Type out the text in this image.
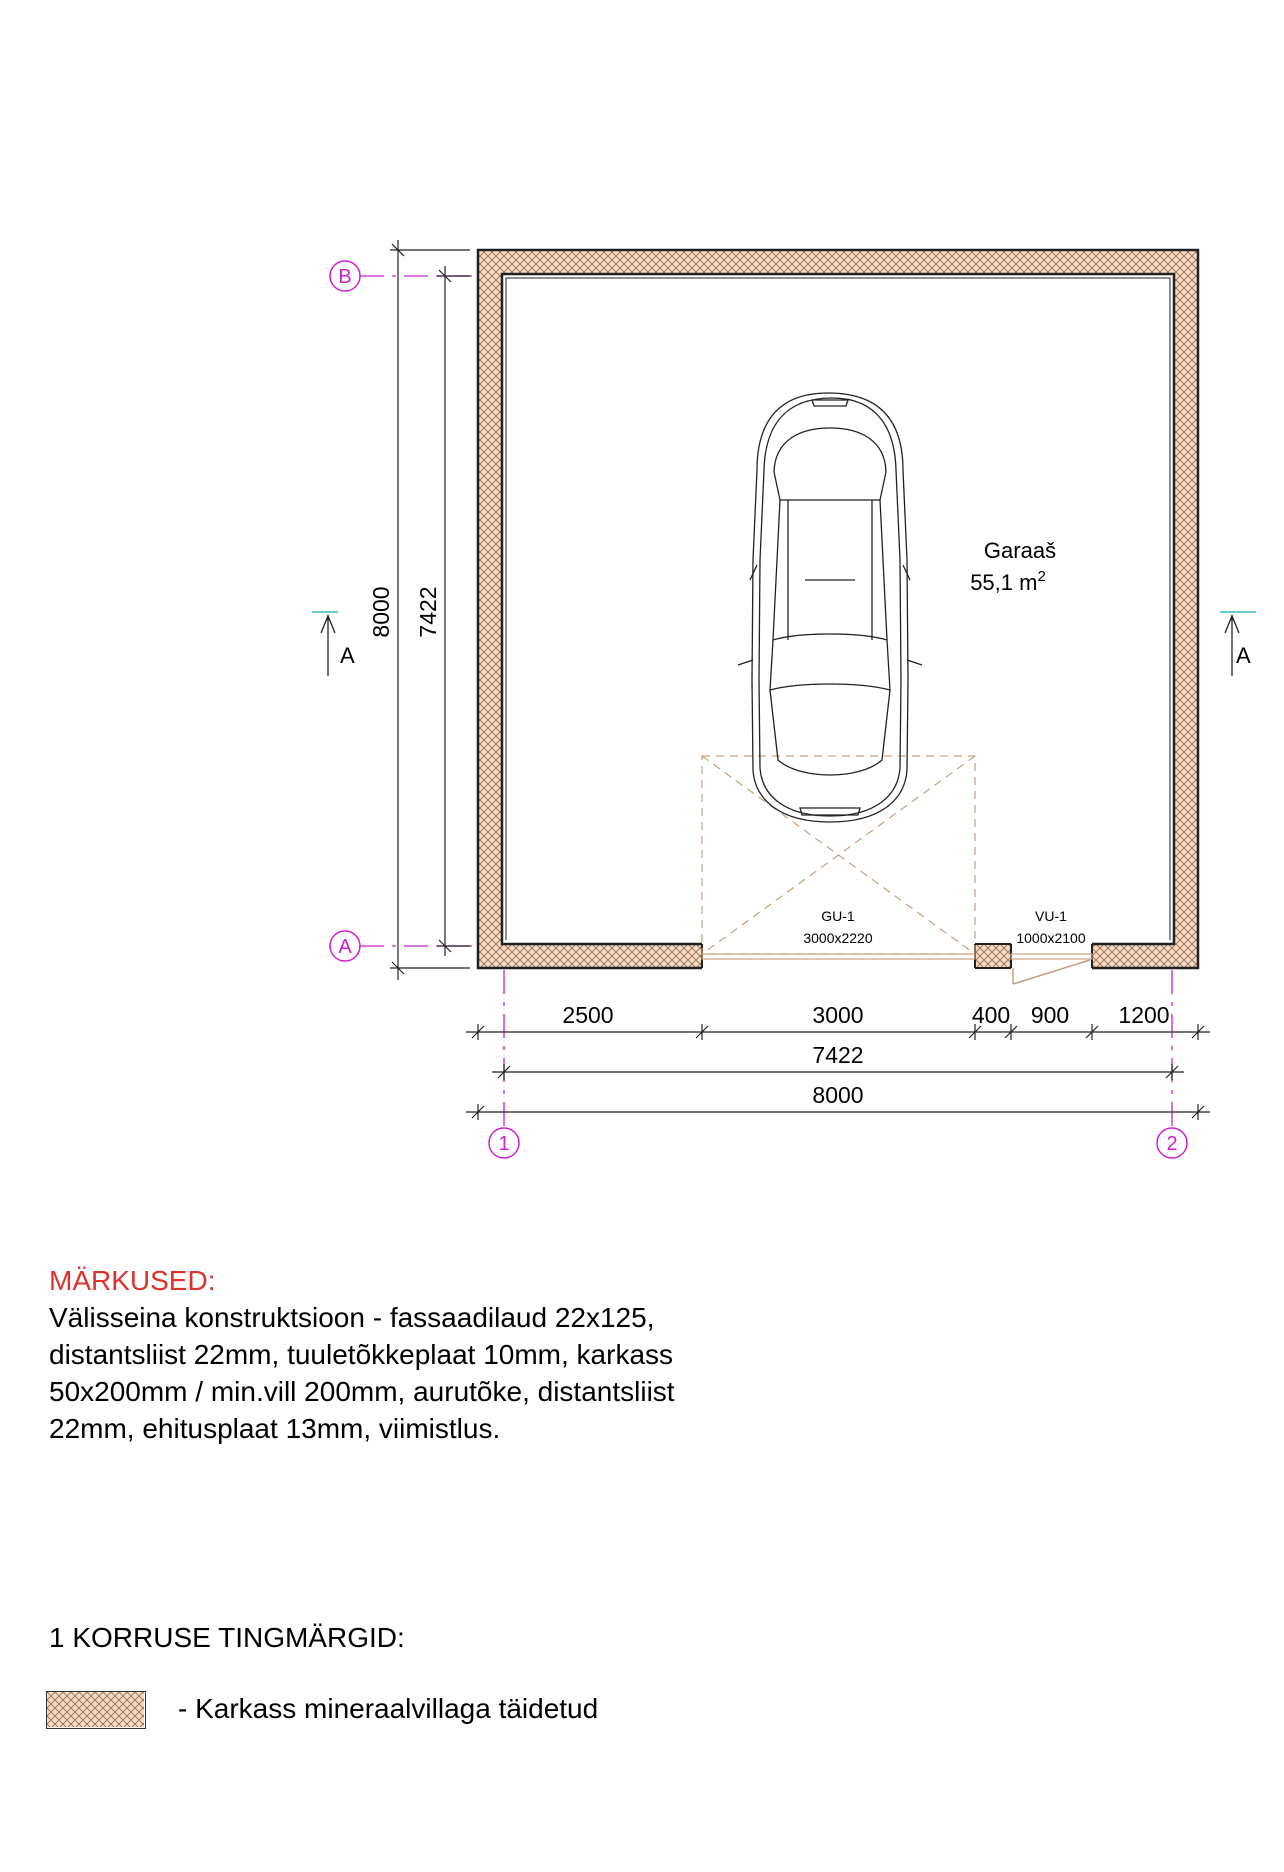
Garaaš
55,1 $m^2$
GU-1
3000x2220
VU-1
1000x2100
A	A
B
A
1	2
8000 7422
2500	3000	400 900 1200
7422
8000
MÄRKUSED:

Välisseina konstruktsioon - fassaadilaud 22x125,
distantsliist 22mm, tuuletõkkeplaat 10mm, karkass
50x200mm / min.vill 200mm, aurutõke, distantsliist
22mm, ehitusplaat 13mm, viimistlus.

1 KORRUSE TINGMÄRGID:
- Karkass mineraalvillaga täidetud
